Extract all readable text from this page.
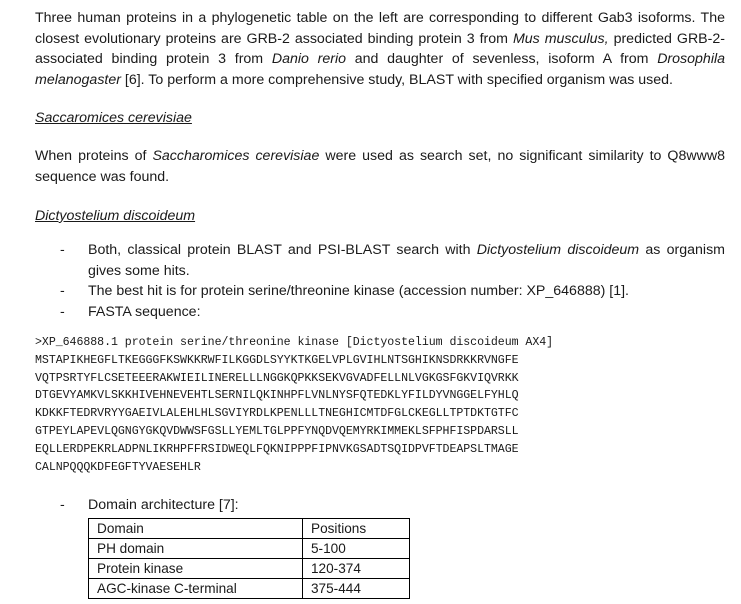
Three human proteins in a phylogenetic table on the left are corresponding to different Gab3 isoforms. The closest evolutionary proteins are GRB-2 associated binding protein 3 from Mus musculus, predicted GRB-2-associated binding protein 3 from Danio rerio and daughter of sevenless, isoform A from Drosophila melanogaster [6]. To perform a more comprehensive study, BLAST with specified organism was used.

Saccaromices cerevisiae

When proteins of Saccharomices cerevisiae were used as search set, no significant similarity to Q8www8 sequence was found.

Dictyostelium discoideum

- Both, classical protein BLAST and PSI-BLAST search with Dictyostelium discoideum as organism gives some hits.
- The best hit is for protein serine/threonine kinase (accession number: XP_646888) [1].
- FASTA sequence:
>XP_646888.1 protein serine/threonine kinase [Dictyostelium discoideum AX4]
MSTAPIKHEGFLTKEGGGFKSWKKRWFILKGGDLSYYKTKGELVPLGVIHLNTSGHIKNSDRKKRVNGFE
VQTPSRTYFLCSETEEERAKWIEILINERELLLNGGKQPKKSEKVGVADFELLNLVGKGSFGKVIQVRKK
DTGEVYAMKVLSKKHIVEHNEVEHTLSERNILQKINHPFLVNLNYSFQTEDKLYFILDYVNGGELFYHLQ
KDKKFTEDRVRYYGAEIVLALEHLHLSGVIYRDLKPENLLLTNEGHICMTDFGLCKEGLLTPTDKTGTFC
GTPEYLAPEVLQGNGYGKQVDWWSFGSLLYEMLTGLPPFYNQDVQEMYRKIMMEKLSFPHFISPDARSLL
EQLLERDPEKRLADPNLIKRHPFFRSIDWEQLFQKNIPPPFIPNVKGSADTSQIDPVFTDEAPSLTMAGE
CALNPQQQKDFEGFTYVAESEHLR
- Domain architecture [7]:
Domain	Positions
PH domain	5-100
Protein kinase	120-374
AGC-kinase C-terminal	375-444
